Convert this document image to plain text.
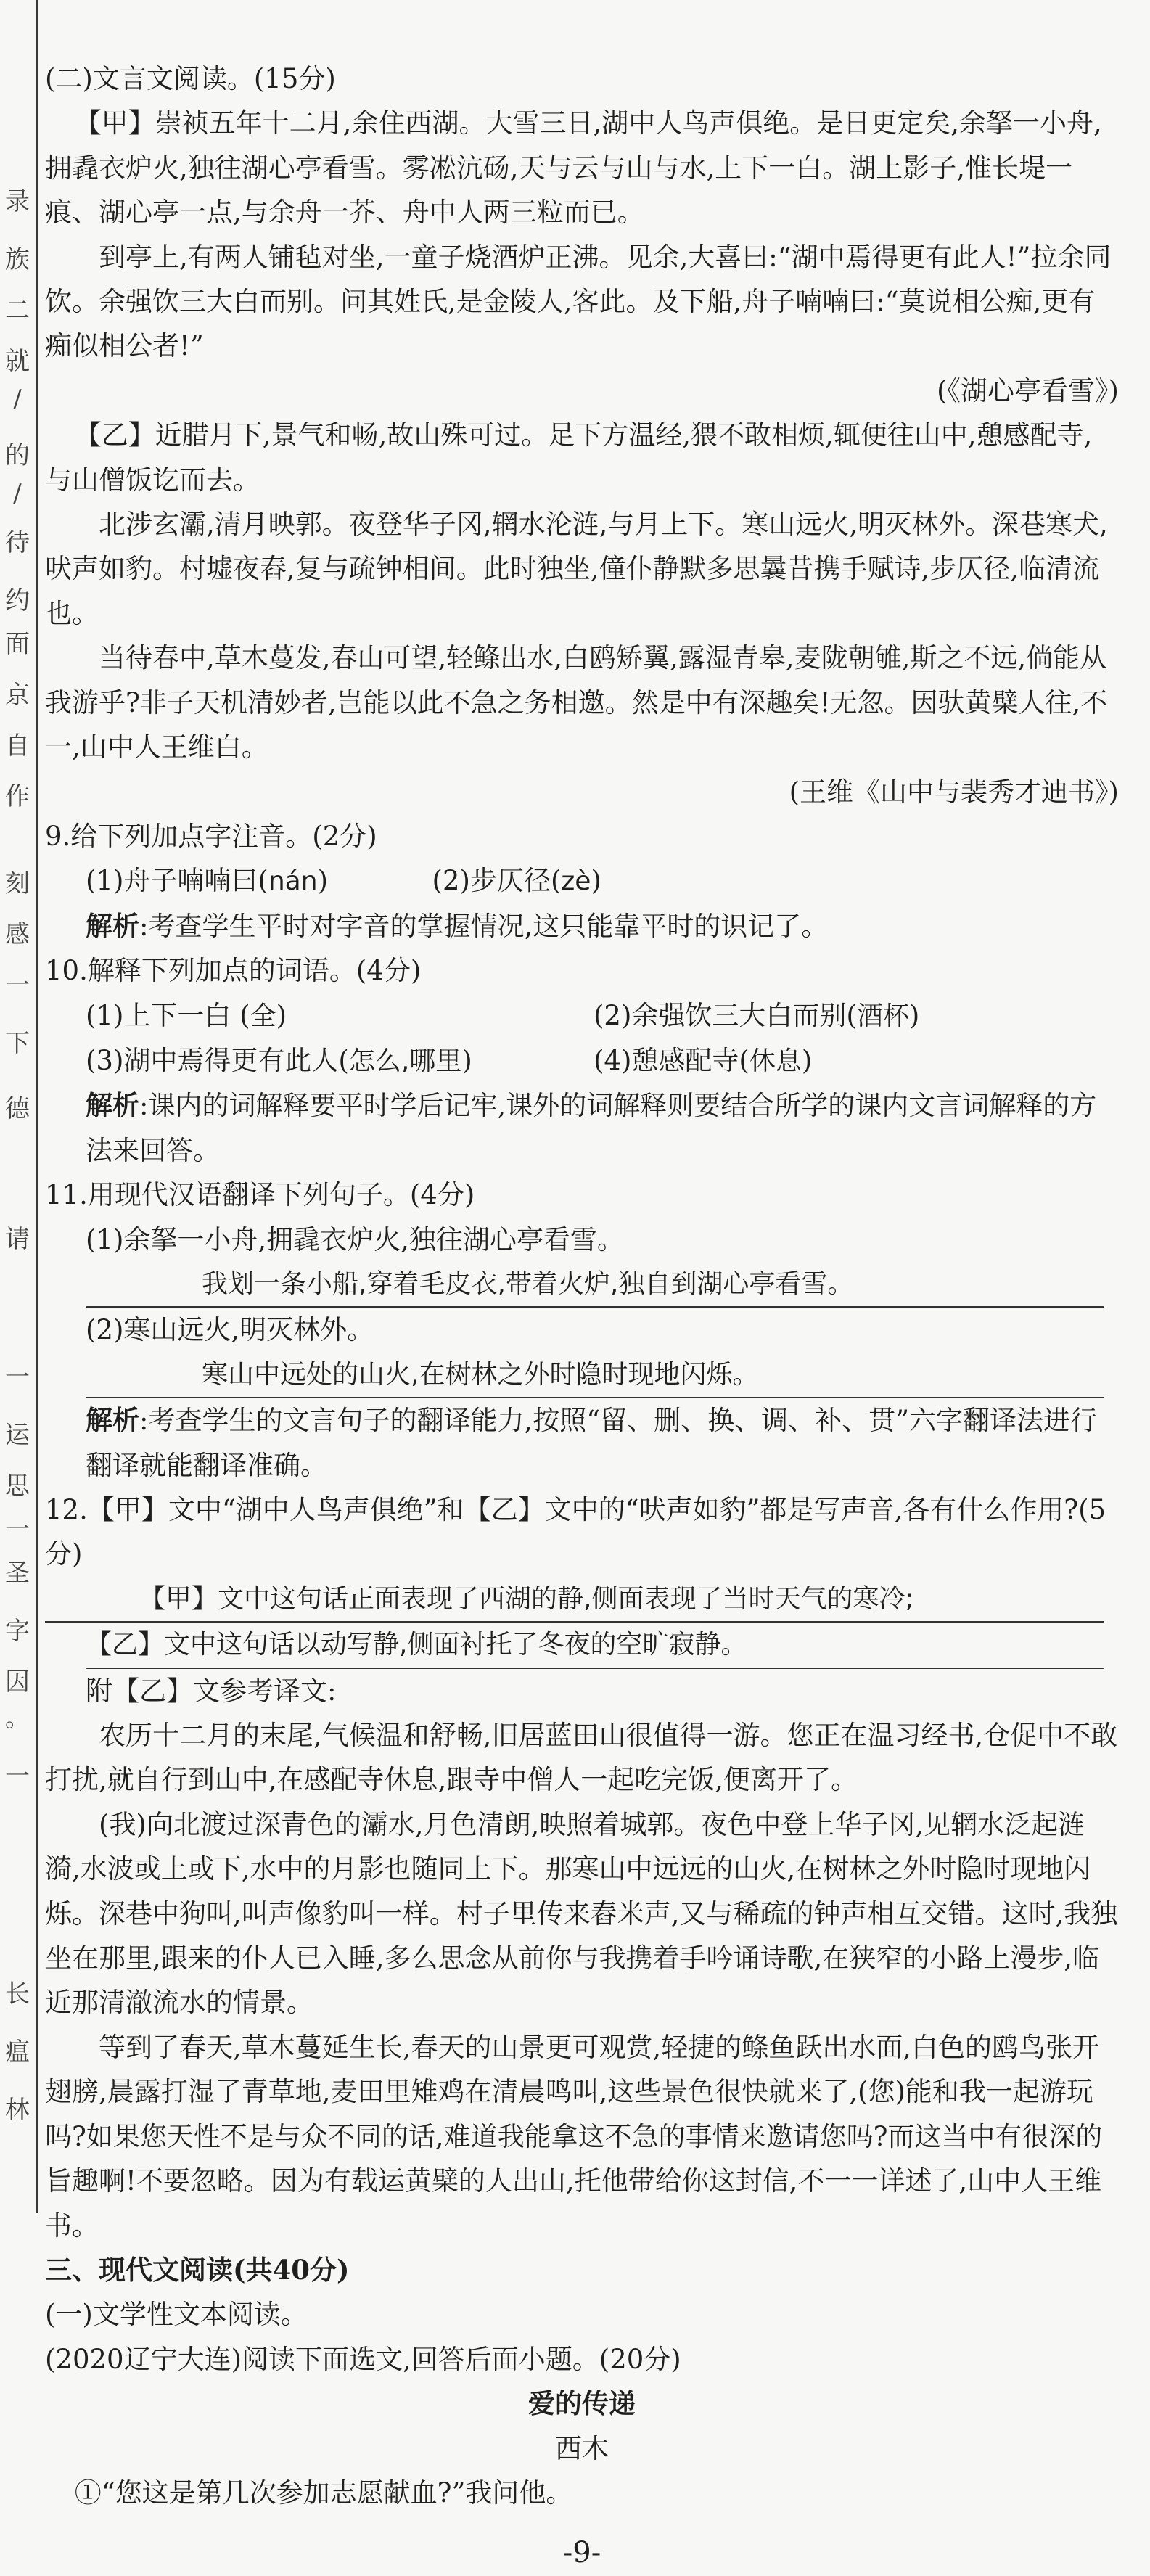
录
族
二
就
/
的
/
待
约
面
京
自
作
刻
感
一
下
德
请
一
运
思
一
圣
字
因
。
一
长
瘟
林

(二)文言文阅读。(15分)

【甲】崇祯五年十二月,余住西湖。大雪三日,湖中人鸟声俱绝。是日更定矣,余拏一小舟,拥毳衣炉火,独往湖心亭看雪。雾凇沆砀,天与云与山与水,上下一白。湖上影子,惟长堤一痕、湖心亭一点,与余舟一芥、舟中人两三粒而已。

到亭上,有两人铺毡对坐,一童子烧酒炉正沸。见余,大喜曰:“湖中焉得更有此人!”拉余同饮。余强饮三大白而别。问其姓氏,是金陵人,客此。及下船,舟子喃喃曰:“莫说相公痴,更有痴似相公者!”

(《湖心亭看雪》)

【乙】近腊月下,景气和畅,故山殊可过。足下方温经,猥不敢相烦,辄便往山中,憩感配寺,与山僧饭讫而去。

北涉玄灞,清月映郭。夜登华子冈,辋水沦涟,与月上下。寒山远火,明灭林外。深巷寒犬,吠声如豹。村墟夜舂,复与疏钟相间。此时独坐,僮仆静默多思曩昔携手赋诗,步仄径,临清流也。

当待春中,草木蔓发,春山可望,轻鲦出水,白鸥矫翼,露湿青皋,麦陇朝雊,斯之不远,倘能从我游乎?非子天机清妙者,岂能以此不急之务相邀。然是中有深趣矣!无忽。因驮黄檗人往,不一,山中人王维白。

(王维《山中与裴秀才迪书》)

9.给下列加点字注音。(2分)

(1)舟子喃喃曰(nán)	(2)步仄径(zè)

解析:考查学生平时对字音的掌握情况,这只能靠平时的识记了。

10.解释下列加点的词语。(4分)

(1)上下一白 (全)	(2)余强饮三大白而别(酒杯)
(3)湖中焉得更有此人(怎么,哪里)	(4)憩感配寺(休息)

解析:课内的词解释要平时学后记牢,课外的词解释则要结合所学的课内文言词解释的方法来回答。

11.用现代汉语翻译下列句子。(4分)

(1)余拏一小舟,拥毳衣炉火,独往湖心亭看雪。

我划一条小船,穿着毛皮衣,带着火炉,独自到湖心亭看雪。

(2)寒山远火,明灭林外。

寒山中远处的山火,在树林之外时隐时现地闪烁。

解析:考查学生的文言句子的翻译能力,按照“留、删、换、调、补、贯”六字翻译法进行翻译就能翻译准确。

12.【甲】文中“湖中人鸟声俱绝”和【乙】文中的“吠声如豹”都是写声音,各有什么作用?(5分)

【甲】文中这句话正面表现了西湖的静,侧面表现了当时天气的寒冷;

【乙】文中这句话以动写静,侧面衬托了冬夜的空旷寂静。

附【乙】文参考译文:

农历十二月的末尾,气候温和舒畅,旧居蓝田山很值得一游。您正在温习经书,仓促中不敢打扰,就自行到山中,在感配寺休息,跟寺中僧人一起吃完饭,便离开了。

(我)向北渡过深青色的灞水,月色清朗,映照着城郭。夜色中登上华子冈,见辋水泛起涟漪,水波或上或下,水中的月影也随同上下。那寒山中远远的山火,在树林之外时隐时现地闪烁。深巷中狗叫,叫声像豹叫一样。村子里传来舂米声,又与稀疏的钟声相互交错。这时,我独坐在那里,跟来的仆人已入睡,多么思念从前你与我携着手吟诵诗歌,在狭窄的小路上漫步,临近那清澈流水的情景。

等到了春天,草木蔓延生长,春天的山景更可观赏,轻捷的鲦鱼跃出水面,白色的鸥鸟张开翅膀,晨露打湿了青草地,麦田里雉鸡在清晨鸣叫,这些景色很快就来了,(您)能和我一起游玩吗?如果您天性不是与众不同的话,难道我能拿这不急的事情来邀请您吗?而这当中有很深的旨趣啊!不要忽略。因为有载运黄檗的人出山,托他带给你这封信,不一一详述了,山中人王维书。

三、现代文阅读(共40分)

(一)文学性文本阅读。

(2020辽宁大连)阅读下面选文,回答后面小题。(20分)

爱的传递

西木

①“您这是第几次参加志愿献血?”我问他。

-9-
